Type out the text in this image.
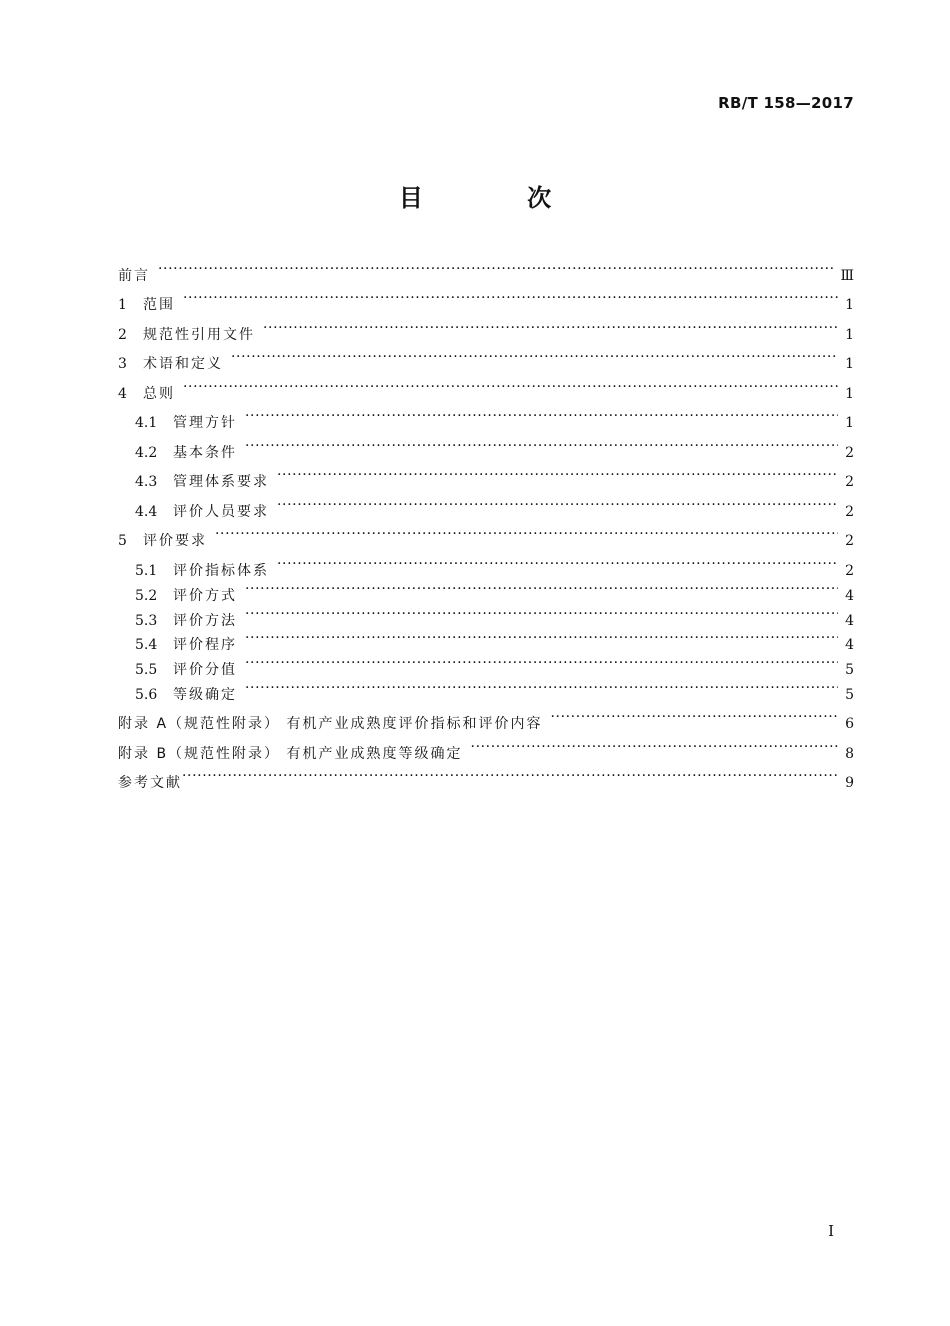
RB/T 158—2017
目 次
前言 ·····	Ⅲ
1	范围 ·····	1
2	规范性引用文件 ·····	1
3	术语和定义 ·····	1
4	总则 ·····	1
4.1	管理方针 ·····	1
4.2	基本条件 ·····	2
4.3	管理体系要求 ·····	2
4.4	评价人员要求 ·····	2
5	评价要求 ·····	2
5.1	评价指标体系 ·····	2
5.2	评价方式 ·····	4
5.3	评价方法 ·····	4
5.4	评价程序 ·····	4
5.5	评价分值 ·····	5
5.6	等级确定 ·····	5
附录 A（规范性附录） 有机产业成熟度评价指标和评价内容 ·····	6
附录 B（规范性附录） 有机产业成熟度等级确定 ·····	8
参考文献 ·····	9
I
